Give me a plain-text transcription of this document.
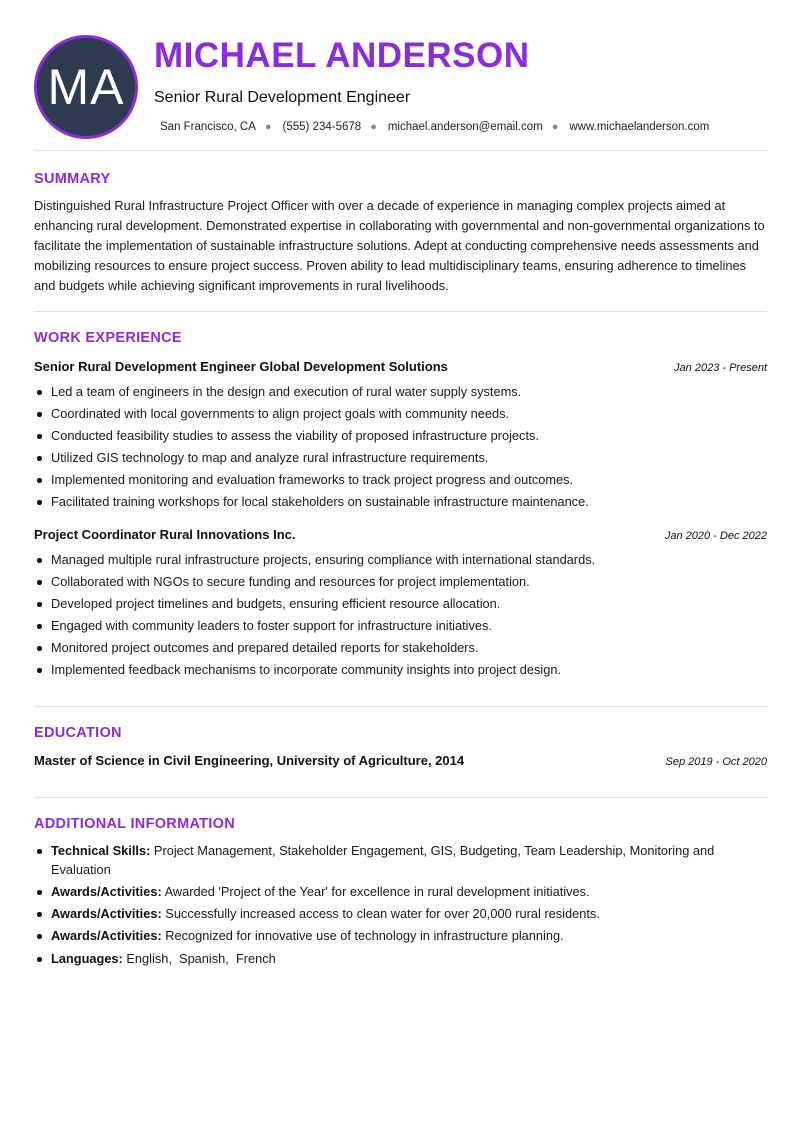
MA
MICHAEL ANDERSON
Senior Rural Development Engineer
San Francisco, CA ● (555) 234-5678 ● michael.anderson@email.com ● www.michaelanderson.com
SUMMARY

Distinguished Rural Infrastructure Project Officer with over a decade of experience in managing complex projects aimed at enhancing rural development. Demonstrated expertise in collaborating with governmental and non-governmental organizations to facilitate the implementation of sustainable infrastructure solutions. Adept at conducting comprehensive needs assessments and mobilizing resources to ensure project success. Proven ability to lead multidisciplinary teams, ensuring adherence to timelines and budgets while achieving significant improvements in rural livelihoods.

WORK EXPERIENCE
Senior Rural Development Engineer Global Development Solutions	Jan 2023 - Present
Led a team of engineers in the design and execution of rural water supply systems.
Coordinated with local governments to align project goals with community needs.
Conducted feasibility studies to assess the viability of proposed infrastructure projects.
Utilized GIS technology to map and analyze rural infrastructure requirements.
Implemented monitoring and evaluation frameworks to track project progress and outcomes.
Facilitated training workshops for local stakeholders on sustainable infrastructure maintenance.
Project Coordinator Rural Innovations Inc.	Jan 2020 - Dec 2022
Managed multiple rural infrastructure projects, ensuring compliance with international standards.
Collaborated with NGOs to secure funding and resources for project implementation.
Developed project timelines and budgets, ensuring efficient resource allocation.
Engaged with community leaders to foster support for infrastructure initiatives.
Monitored project outcomes and prepared detailed reports for stakeholders.
Implemented feedback mechanisms to incorporate community insights into project design.
EDUCATION
Master of Science in Civil Engineering, University of Agriculture, 2014	Sep 2019 - Oct 2020
ADDITIONAL INFORMATION
Technical Skills: Project Management, Stakeholder Engagement, GIS, Budgeting, Team Leadership, Monitoring and Evaluation
Awards/Activities: Awarded 'Project of the Year' for excellence in rural development initiatives.
Awards/Activities: Successfully increased access to clean water for over 20,000 rural residents.
Awards/Activities: Recognized for innovative use of technology in infrastructure planning.
Languages: English,  Spanish,  French
